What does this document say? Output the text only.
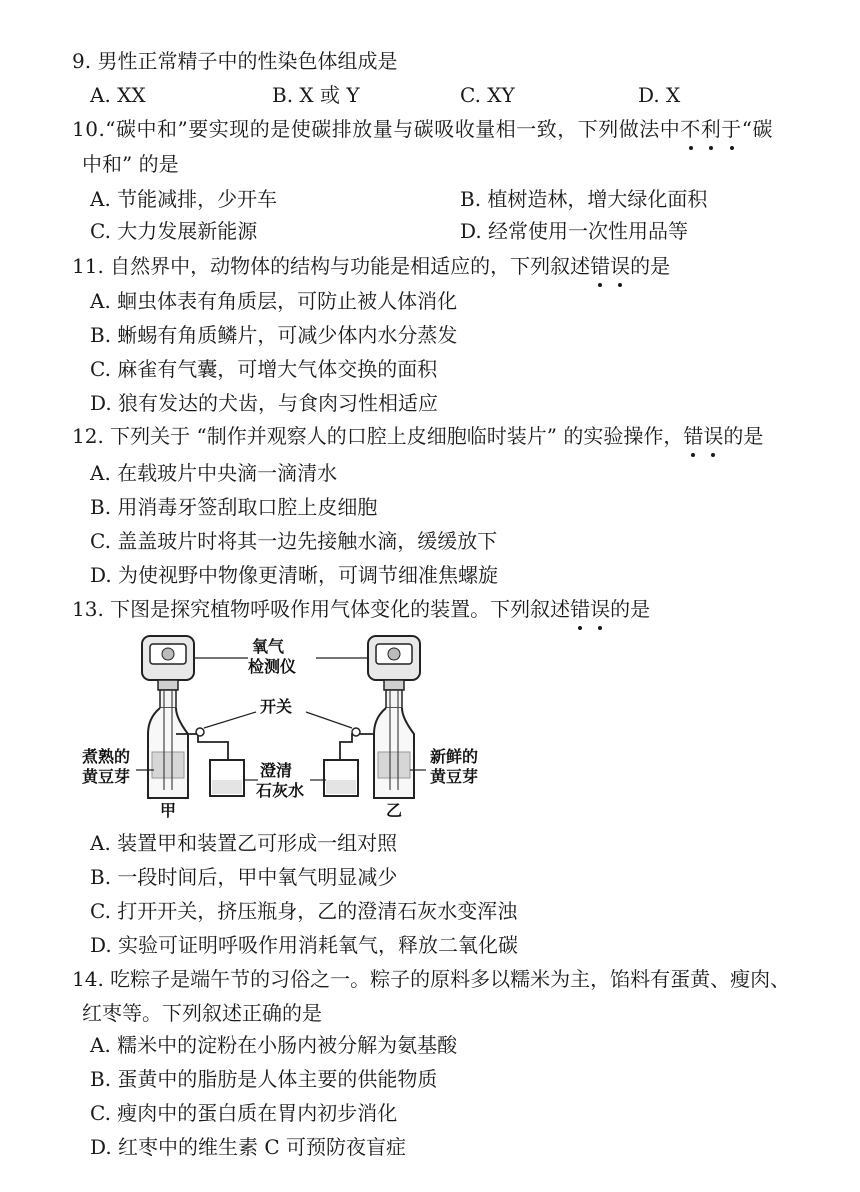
9. 男性正常精子中的性染色体组成是
A. XX	B. X 或 Y	C. XY	D. X
10.“碳中和”要实现的是使碳排放量与碳吸收量相一致，下列做法中不利于“碳
中和” 的是
A. 节能减排，少开车	B. 植树造林，增大绿化面积
C. 大力发展新能源	D. 经常使用一次性用品等
11. 自然界中，动物体的结构与功能是相适应的，下列叙述错误的是
A. 蛔虫体表有角质层，可防止被人体消化
B. 蜥蜴有角质鳞片，可减少体内水分蒸发
C. 麻雀有气囊，可增大气体交换的面积
D. 狼有发达的犬齿，与食肉习性相适应
12. 下列关于 “制作并观察人的口腔上皮细胞临时装片” 的实验操作，错误的是
A. 在载玻片中央滴一滴清水
B. 用消毒牙签刮取口腔上皮细胞
C. 盖盖玻片时将其一边先接触水滴，缓缓放下
D. 为使视野中物像更清晰，可调节细准焦螺旋
13. 下图是探究植物呼吸作用气体变化的装置。下列叙述错误的是
氧气
检测仪
开关
煮熟的
黄豆芽
新鲜的
黄豆芽
澄清
石灰水
甲	乙
A. 装置甲和装置乙可形成一组对照
B. 一段时间后，甲中氧气明显减少
C. 打开开关，挤压瓶身，乙的澄清石灰水变浑浊
D. 实验可证明呼吸作用消耗氧气，释放二氧化碳
14. 吃粽子是端午节的习俗之一。粽子的原料多以糯米为主，馅料有蛋黄、瘦肉、
红枣等。下列叙述正确的是
A. 糯米中的淀粉在小肠内被分解为氨基酸
B. 蛋黄中的脂肪是人体主要的供能物质
C. 瘦肉中的蛋白质在胃内初步消化
D. 红枣中的维生素 C 可预防夜盲症
